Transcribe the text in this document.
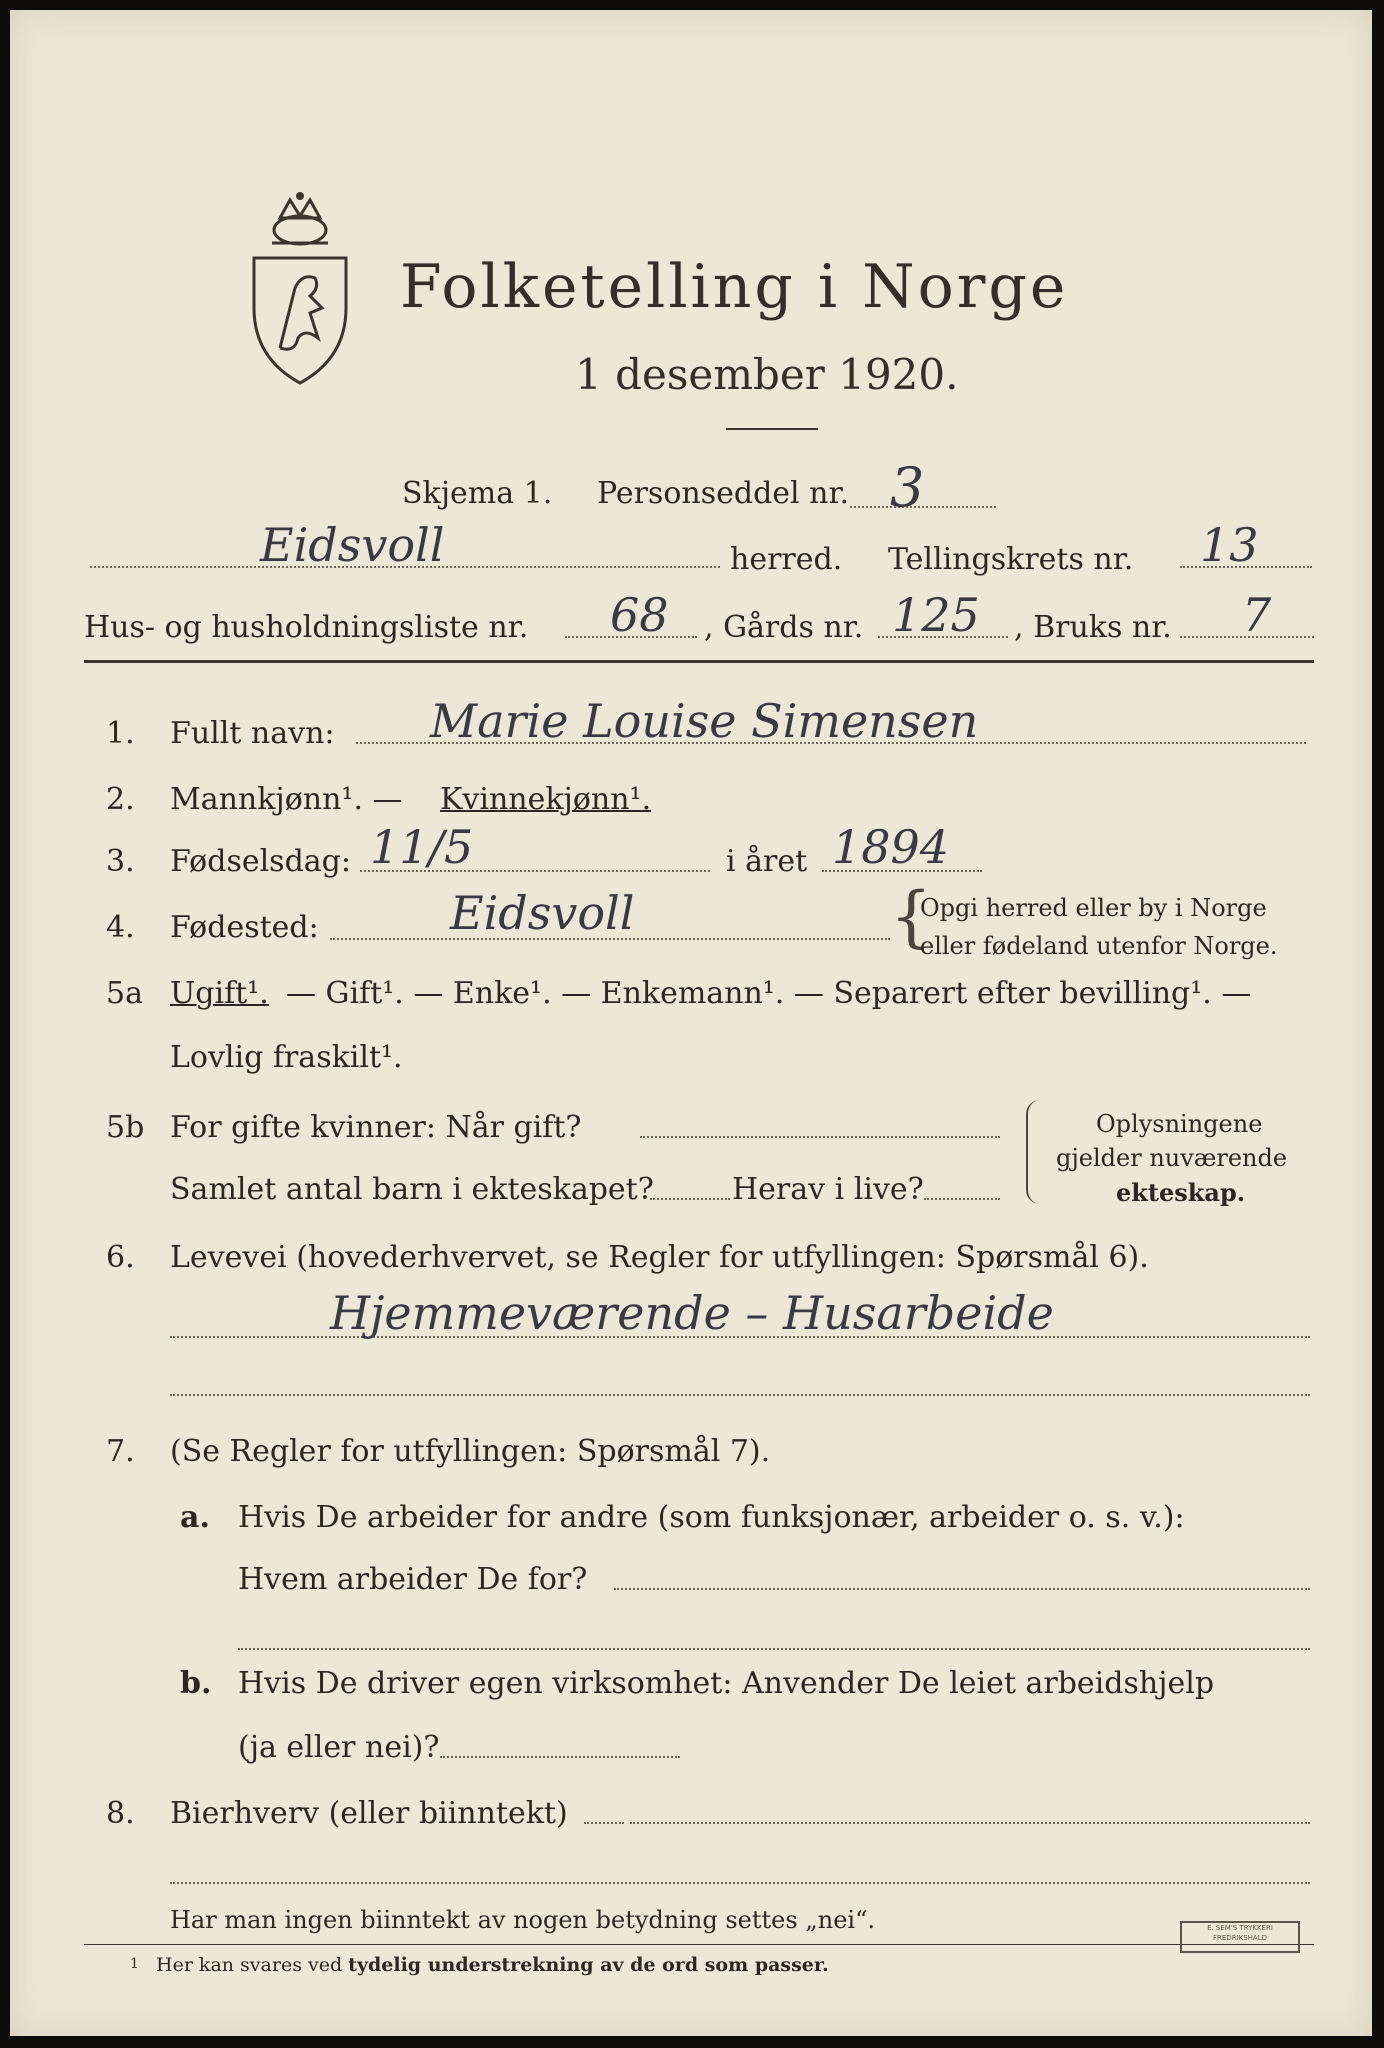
Folketelling i Norge
1 desember 1920.
Skjema 1. Personseddel nr. 3
Eidsvoll	herred. Tellingskrets nr. 13
Hus- og husholdningsliste nr. 68 , Gårds nr. 125 , Bruks nr. 7
1. Fullt navn: Marie Louise Simensen
2. Mannkjønn¹. — Kvinnekjønn¹.
3. Fødselsdag: 11/5	i året 1894
4. Fødested:	Eidsvoll	{
Opgi herred eller by i Norge
eller fødeland utenfor Norge.
5a Ugift¹. — Gift¹. — Enke¹. — Enkemann¹. — Separert efter bevilling¹. —
Lovlig fraskilt¹.
5b For gifte kvinner: Når gift?
Samlet antal barn i ekteskapet?	Herav i live?
Oplysningene
gjelder nuværende
ekteskap.
6. Levevei (hovederhvervet, se Regler for utfyllingen: Spørsmål 6).
Hjemmeværende – Husarbeide
7. (Se Regler for utfyllingen: Spørsmål 7).
a. Hvis De arbeider for andre (som funksjonær, arbeider o. s. v.):
Hvem arbeider De for?
b. Hvis De driver egen virksomhet: Anvender De leiet arbeidshjelp
(ja eller nei)?
8. Bierhverv (eller biinntekt)
Har man ingen biinntekt av nogen betydning settes „nei“.
1 Her kan svares ved tydelig understrekning av de ord som passer.
E. SEM'S TRYKKERI FREDRIKSHALD
